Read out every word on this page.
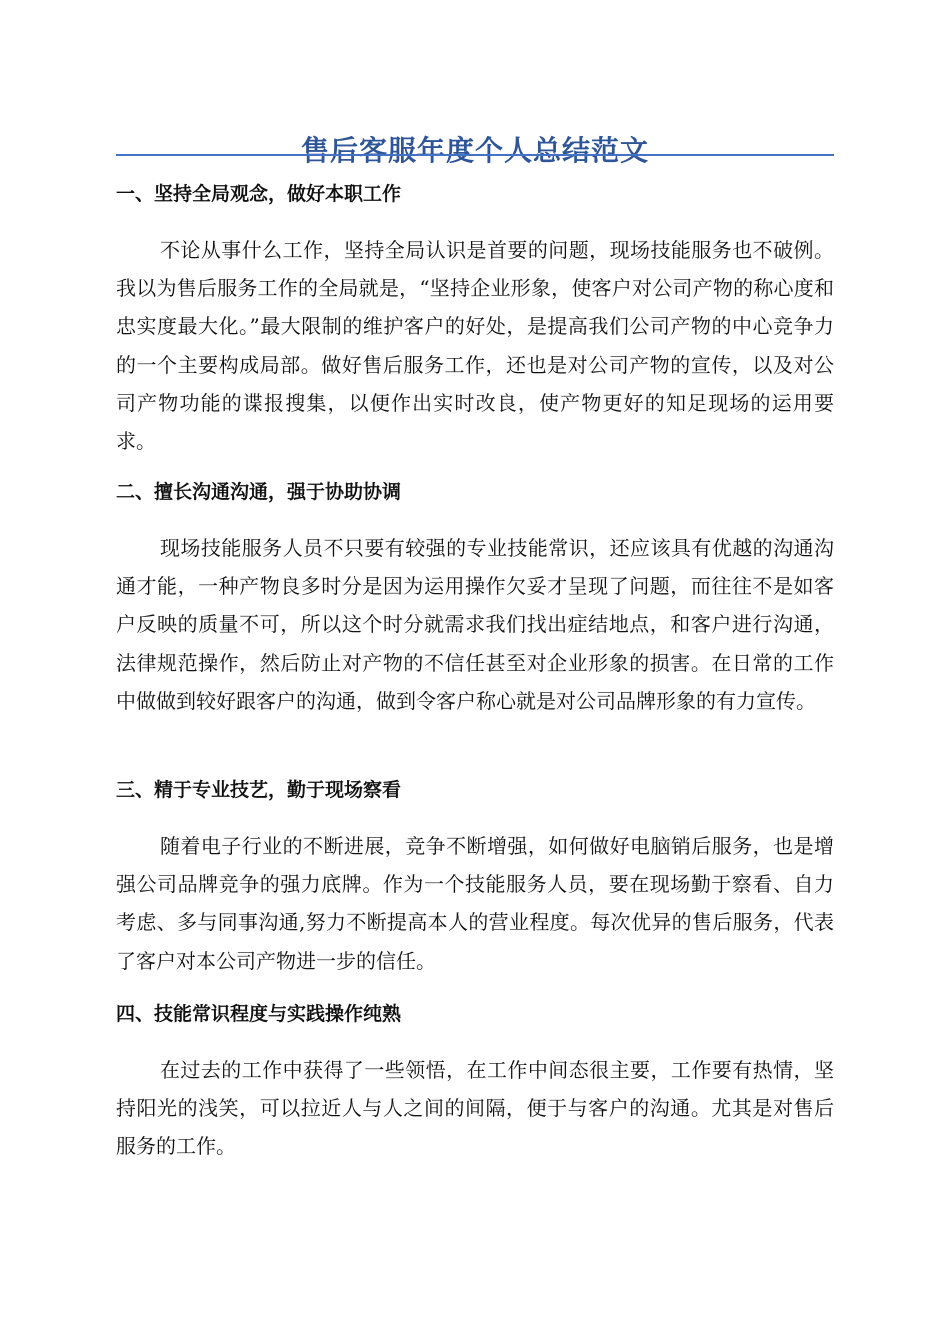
售后客服年度个人总结范文
一、坚持全局观念，做好本职工作

不论从事什么工作，坚持全局认识是首要的问题，现场技能服务也不破例。我以为售后服务工作的全局就是，“坚持企业形象，使客户对公司产物的称心度和忠实度最大化。”最大限制的维护客户的好处，是提高我们公司产物的中心竞争力的一个主要构成局部。做好售后服务工作，还也是对公司产物的宣传，以及对公司产物功能的谍报搜集，以便作出实时改良，使产物更好的知足现场的运用要求。

二、擅长沟通沟通，强于协助协调

现场技能服务人员不只要有较强的专业技能常识，还应该具有优越的沟通沟通才能，一种产物良多时分是因为运用操作欠妥才呈现了问题，而往往不是如客户反映的质量不可，所以这个时分就需求我们找出症结地点，和客户进行沟通，法律规范操作，然后防止对产物的不信任甚至对企业形象的损害。在日常的工作中做做到较好跟客户的沟通，做到令客户称心就是对公司品牌形象的有力宣传。

三、精于专业技艺，勤于现场察看

随着电子行业的不断进展，竞争不断增强，如何做好电脑销后服务，也是增强公司品牌竞争的强力底牌。作为一个技能服务人员，要在现场勤于察看、自力考虑、多与同事沟通,努力不断提高本人的营业程度。每次优异的售后服务，代表了客户对本公司产物进一步的信任。

四、技能常识程度与实践操作纯熟

在过去的工作中获得了一些领悟，在工作中间态很主要，工作要有热情，坚持阳光的浅笑，可以拉近人与人之间的间隔，便于与客户的沟通。尤其是对售后服务的工作。
